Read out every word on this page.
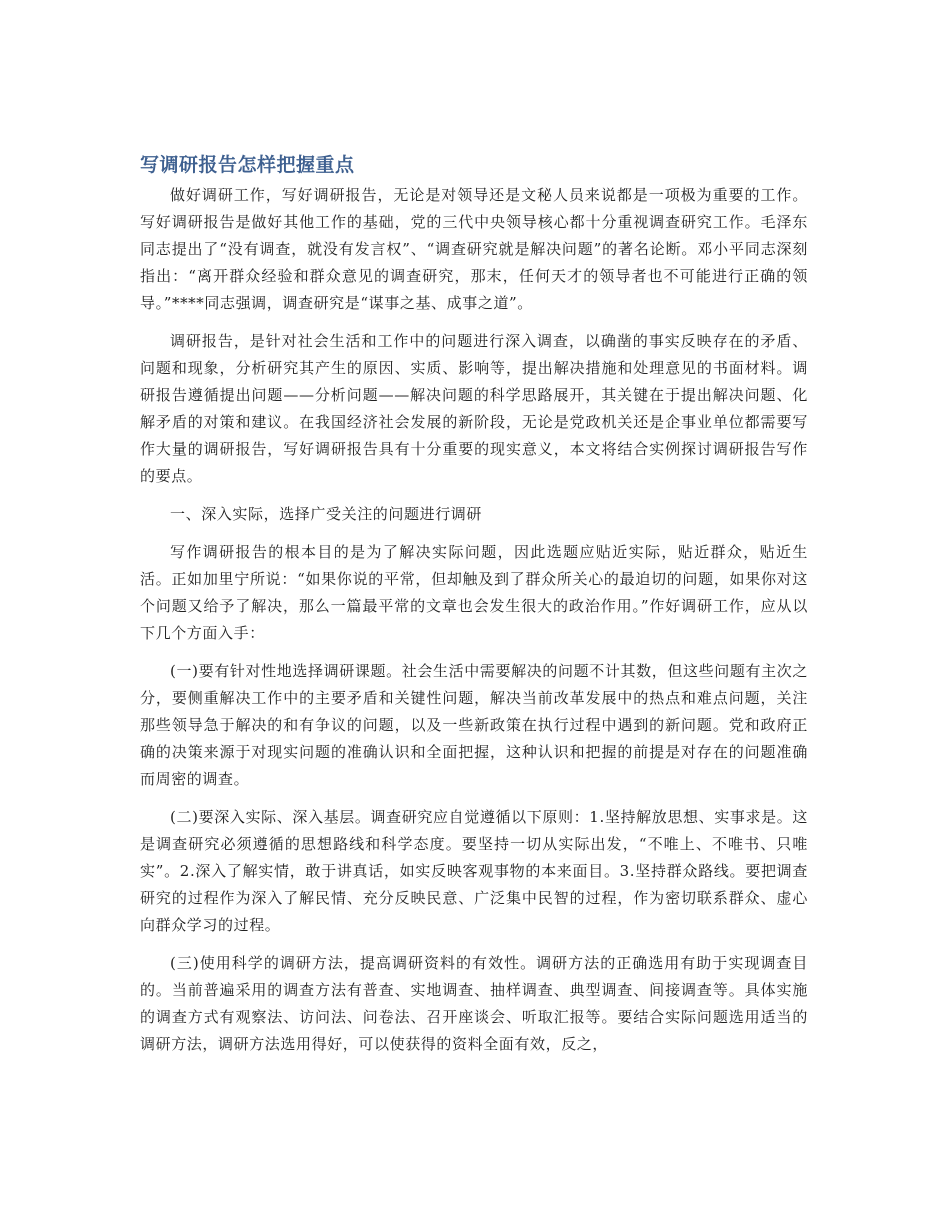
写调研报告怎样把握重点

做好调研工作，写好调研报告，无论是对领导还是文秘人员来说都是一项极为重要的工作。写好调研报告是做好其他工作的基础，党的三代中央领导核心都十分重视调查研究工作。毛泽东同志提出了“没有调查，就没有发言权”、“调查研究就是解决问题”的著名论断。邓小平同志深刻指出：“离开群众经验和群众意见的调查研究，那末，任何天才的领导者也不可能进行正确的领导。”****同志强调，调查研究是“谋事之基、成事之道”。

调研报告，是针对社会生活和工作中的问题进行深入调查，以确凿的事实反映存在的矛盾、问题和现象，分析研究其产生的原因、实质、影响等，提出解决措施和处理意见的书面材料。调研报告遵循提出问题——分析问题——解决问题的科学思路展开，其关键在于提出解决问题、化解矛盾的对策和建议。在我国经济社会发展的新阶段，无论是党政机关还是企事业单位都需要写作大量的调研报告，写好调研报告具有十分重要的现实意义，本文将结合实例探讨调研报告写作的要点。

一、深入实际，选择广受关注的问题进行调研

写作调研报告的根本目的是为了解决实际问题，因此选题应贴近实际，贴近群众，贴近生活。正如加里宁所说：“如果你说的平常，但却触及到了群众所关心的最迫切的问题，如果你对这个问题又给予了解决，那么一篇最平常的文章也会发生很大的政治作用。”作好调研工作，应从以下几个方面入手：

(一)要有针对性地选择调研课题。社会生活中需要解决的问题不计其数，但这些问题有主次之分，要侧重解决工作中的主要矛盾和关键性问题，解决当前改革发展中的热点和难点问题，关注那些领导急于解决的和有争议的问题，以及一些新政策在执行过程中遇到的新问题。党和政府正确的决策来源于对现实问题的准确认识和全面把握，这种认识和把握的前提是对存在的问题准确而周密的调查。

(二)要深入实际、深入基层。调查研究应自觉遵循以下原则：1.坚持解放思想、实事求是。这是调查研究必须遵循的思想路线和科学态度。要坚持一切从实际出发，“不唯上、不唯书、只唯实”。2.深入了解实情，敢于讲真话，如实反映客观事物的本来面目。3.坚持群众路线。要把调查研究的过程作为深入了解民情、充分反映民意、广泛集中民智的过程，作为密切联系群众、虚心向群众学习的过程。

(三)使用科学的调研方法，提高调研资料的有效性。调研方法的正确选用有助于实现调查目的。当前普遍采用的调查方法有普查、实地调查、抽样调查、典型调查、间接调查等。具体实施的调查方式有观察法、访问法、问卷法、召开座谈会、听取汇报等。要结合实际问题选用适当的调研方法，调研方法选用得好，可以使获得的资料全面有效，反之，
